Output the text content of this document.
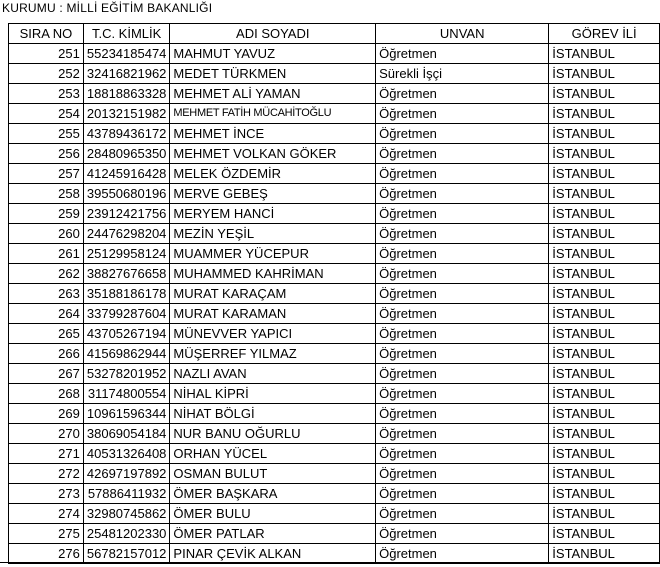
KURUMU : MİLLİ EĞİTİM BAKANLIĞI
SIRA NO	T.C. KİMLİK	ADI SOYADI	UNVAN	GÖREV İLİ
251	55234185474	MAHMUT YAVUZ	Öğretmen	İSTANBUL
252	32416821962	MEDET TÜRKMEN	Sürekli İşçi	İSTANBUL
253	18818863328	MEHMET ALİ YAMAN	Öğretmen	İSTANBUL
254	20132151982	MEHMET FATİH MÜCAHİTOĞLU	Öğretmen	İSTANBUL
255	43789436172	MEHMET İNCE	Öğretmen	İSTANBUL
256	28480965350	MEHMET VOLKAN GÖKER	Öğretmen	İSTANBUL
257	41245916428	MELEK ÖZDEMİR	Öğretmen	İSTANBUL
258	39550680196	MERVE GEBEŞ	Öğretmen	İSTANBUL
259	23912421756	MERYEM HANCİ	Öğretmen	İSTANBUL
260	24476298204	MEZİN YEŞİL	Öğretmen	İSTANBUL
261	25129958124	MUAMMER YÜCEPUR	Öğretmen	İSTANBUL
262	38827676658	MUHAMMED KAHRİMAN	Öğretmen	İSTANBUL
263	35188186178	MURAT KARAÇAM	Öğretmen	İSTANBUL
264	33799287604	MURAT KARAMAN	Öğretmen	İSTANBUL
265	43705267194	MÜNEVVER YAPICI	Öğretmen	İSTANBUL
266	41569862944	MÜŞERREF YILMAZ	Öğretmen	İSTANBUL
267	53278201952	NAZLI AVAN	Öğretmen	İSTANBUL
268	31174800554	NİHAL KİPRİ	Öğretmen	İSTANBUL
269	10961596344	NİHAT BÖLGİ	Öğretmen	İSTANBUL
270	38069054184	NUR BANU OĞURLU	Öğretmen	İSTANBUL
271	40531326408	ORHAN YÜCEL	Öğretmen	İSTANBUL
272	42697197892	OSMAN BULUT	Öğretmen	İSTANBUL
273	57886411932	ÖMER BAŞKARA	Öğretmen	İSTANBUL
274	32980745862	ÖMER BULU	Öğretmen	İSTANBUL
275	25481202330	ÖMER PATLAR	Öğretmen	İSTANBUL
276	56782157012	PINAR ÇEVİK ALKAN	Öğretmen	İSTANBUL
